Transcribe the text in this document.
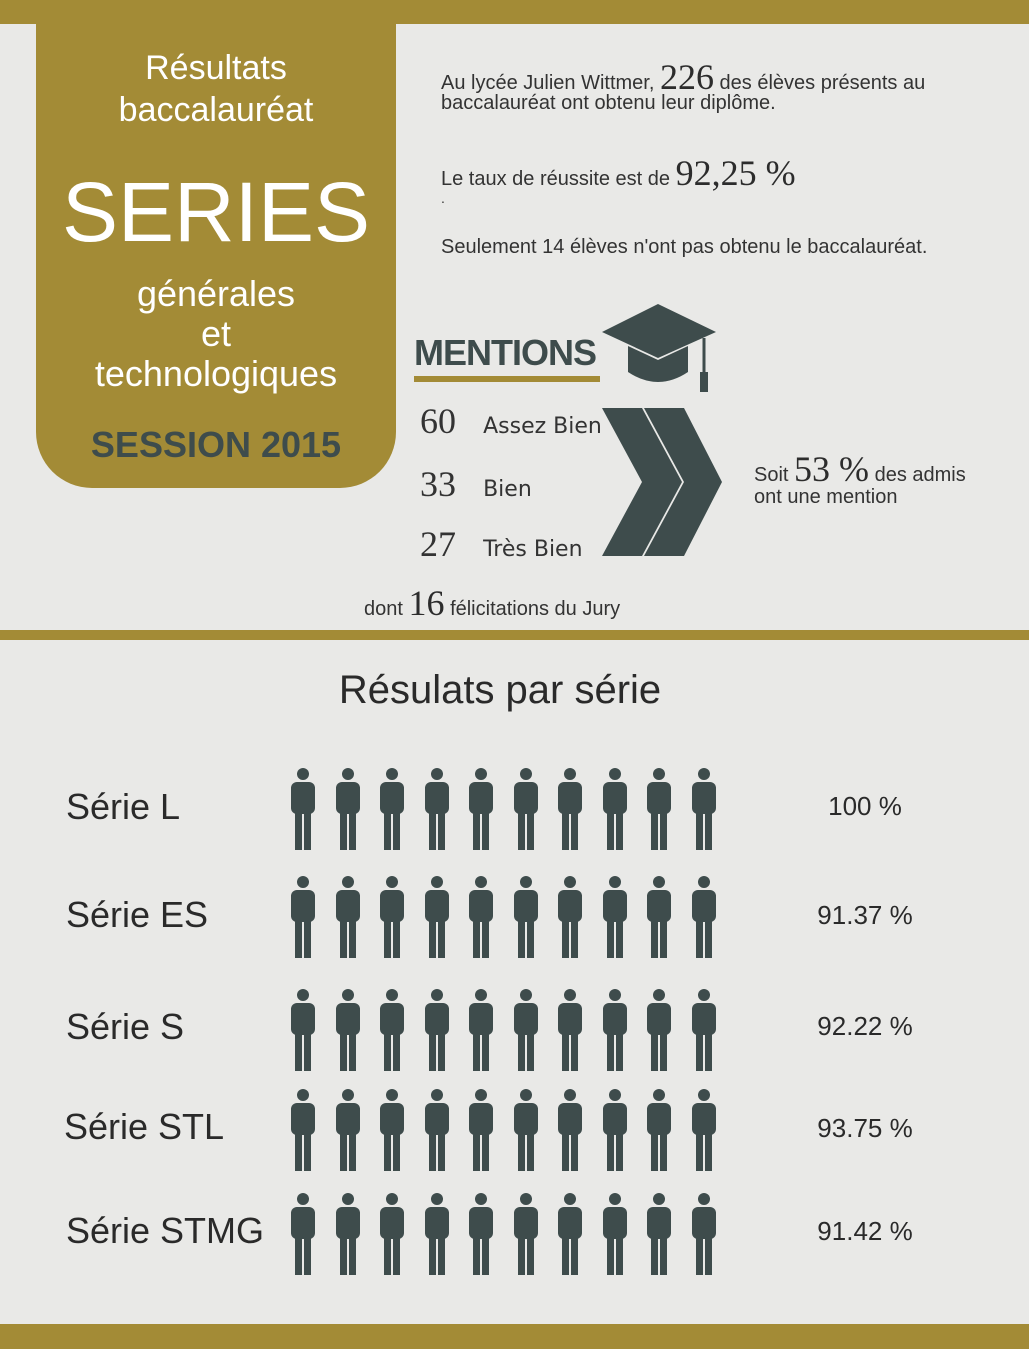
Résultats
baccalauréat
SERIES
générales
et
technologiques
SESSION 2015
Au lycée Julien Wittmer, 226 des élèves présents au
baccalauréat ont obtenu leur diplôme.
Le taux de réussite est de 92,25 %
.
Seulement 14 élèves n'ont pas obtenu le baccalauréat.
MENTIONS
60 Assez Bien
33 Bien
27 Très Bien
dont 16 félicitations du Jury
Soit 53 % des admis
ont une mention
Résulats par série
Série L	100 %
Série ES	91.37 %
Série S	92.22 %
Série STL	93.75 %
Série STMG	91.42 %
